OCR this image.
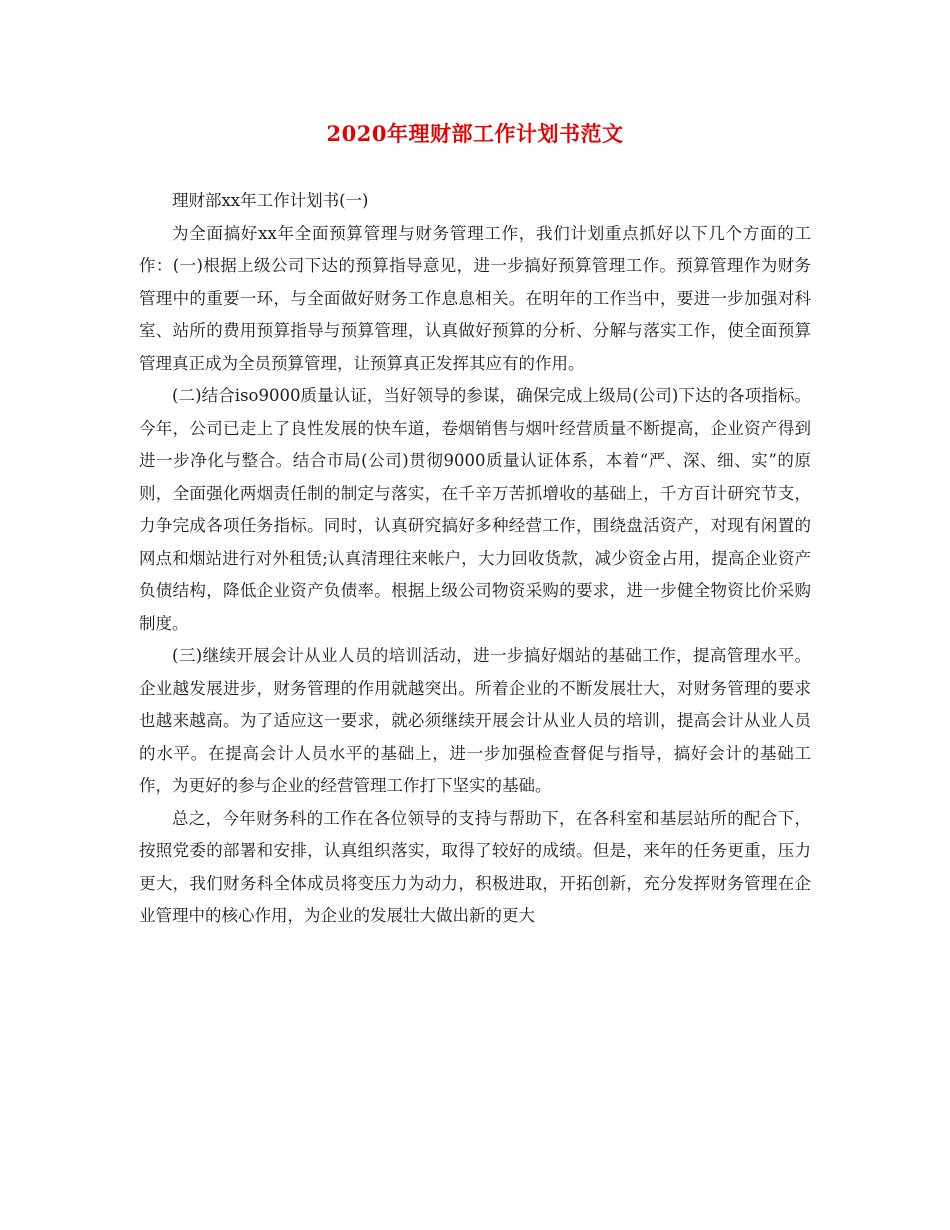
2020年理财部工作计划书范文

理财部xx年工作计划书(一)

为全面搞好xx年全面预算管理与财务管理工作，我们计划重点抓好以下几个方面的工作：(一)根据上级公司下达的预算指导意见，进一步搞好预算管理工作。预算管理作为财务管理中的重要一环，与全面做好财务工作息息相关。在明年的工作当中，要进一步加强对科室、站所的费用预算指导与预算管理，认真做好预算的分析、分解与落实工作，使全面预算管理真正成为全员预算管理，让预算真正发挥其应有的作用。

(二)结合iso9000质量认证，当好领导的参谋，确保完成上级局(公司)下达的各项指标。今年，公司已走上了良性发展的快车道，卷烟销售与烟叶经营质量不断提高，企业资产得到进一步净化与整合。结合市局(公司)贯彻9000质量认证体系，本着“严、深、细、实”的原则，全面强化两烟责任制的制定与落实，在千辛万苦抓增收的基础上，千方百计研究节支，力争完成各项任务指标。同时，认真研究搞好多种经营工作，围绕盘活资产，对现有闲置的网点和烟站进行对外租赁;认真清理往来帐户，大力回收货款，减少资金占用，提高企业资产负债结构，降低企业资产负债率。根据上级公司物资采购的要求，进一步健全物资比价采购制度。

(三)继续开展会计从业人员的培训活动，进一步搞好烟站的基础工作，提高管理水平。企业越发展进步，财务管理的作用就越突出。所着企业的不断发展壮大，对财务管理的要求也越来越高。为了适应这一要求，就必须继续开展会计从业人员的培训，提高会计从业人员的水平。在提高会计人员水平的基础上，进一步加强检查督促与指导，搞好会计的基础工作，为更好的参与企业的经营管理工作打下坚实的基础。

总之，今年财务科的工作在各位领导的支持与帮助下，在各科室和基层站所的配合下，按照党委的部署和安排，认真组织落实，取得了较好的成绩。但是，来年的任务更重，压力更大，我们财务科全体成员将变压力为动力，积极进取，开拓创新，充分发挥财务管理在企业管理中的核心作用，为企业的发展壮大做出新的更大
